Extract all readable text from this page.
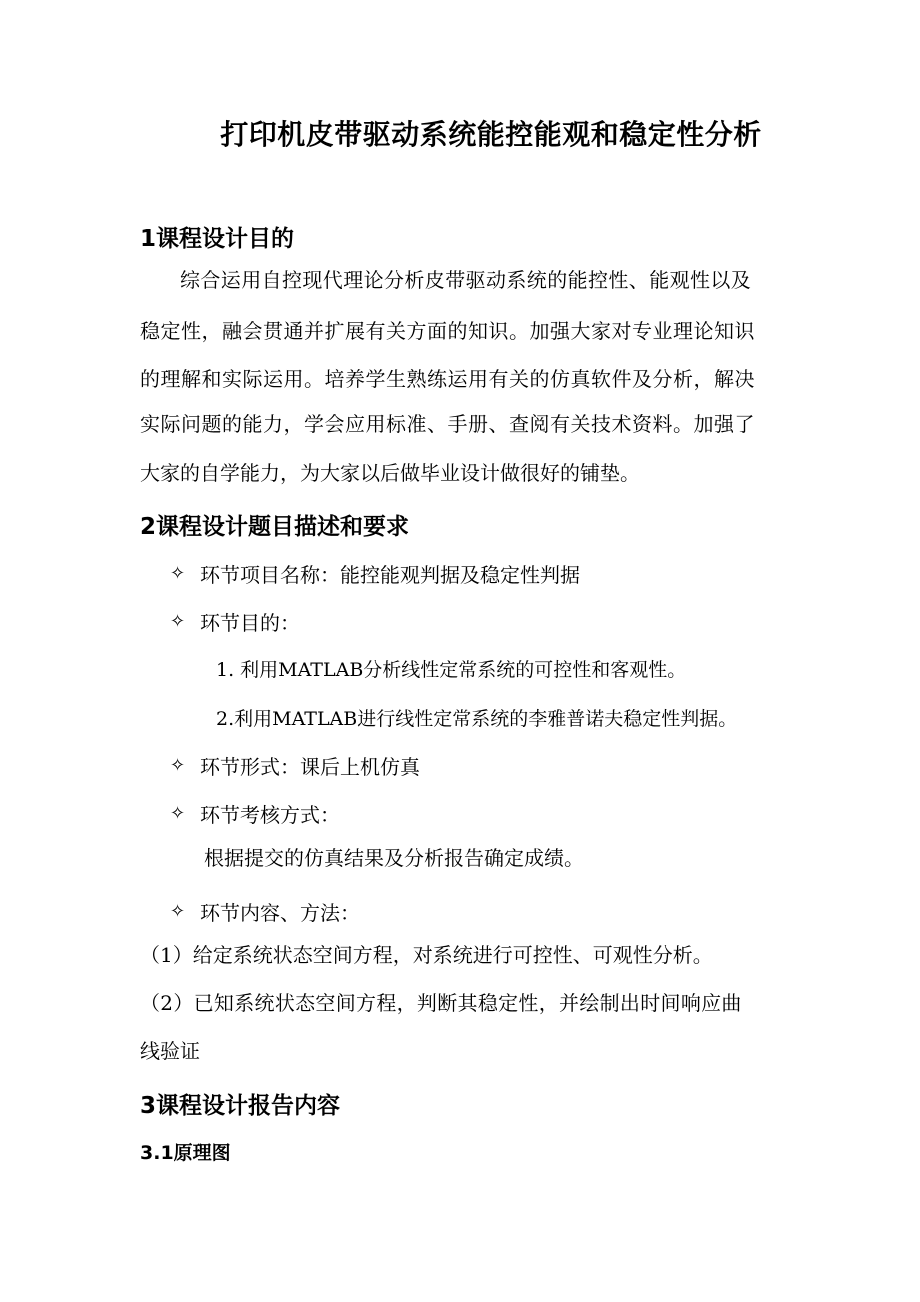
打印机皮带驱动系统能控能观和稳定性分析
1课程设计目的
综合运用自控现代理论分析皮带驱动系统的能控性、能观性以及
稳定性，融会贯通并扩展有关方面的知识。加强大家对专业理论知识
的理解和实际运用。培养学生熟练运用有关的仿真软件及分析，解决
实际问题的能力，学会应用标准、手册、查阅有关技术资料。加强了
大家的自学能力，为大家以后做毕业设计做很好的铺垫。
2课程设计题目描述和要求
✧ 环节项目名称：能控能观判据及稳定性判据
✧ 环节目的：
1. 利用MATLAB分析线性定常系统的可控性和客观性。
2.利用MATLAB进行线性定常系统的李雅普诺夫稳定性判据。
✧ 环节形式：课后上机仿真
✧ 环节考核方式：
根据提交的仿真结果及分析报告确定成绩。
✧ 环节内容、方法：
（1）给定系统状态空间方程，对系统进行可控性、可观性分析。
（2）已知系统状态空间方程，判断其稳定性，并绘制出时间响应曲
线验证
3课程设计报告内容
3.1原理图
